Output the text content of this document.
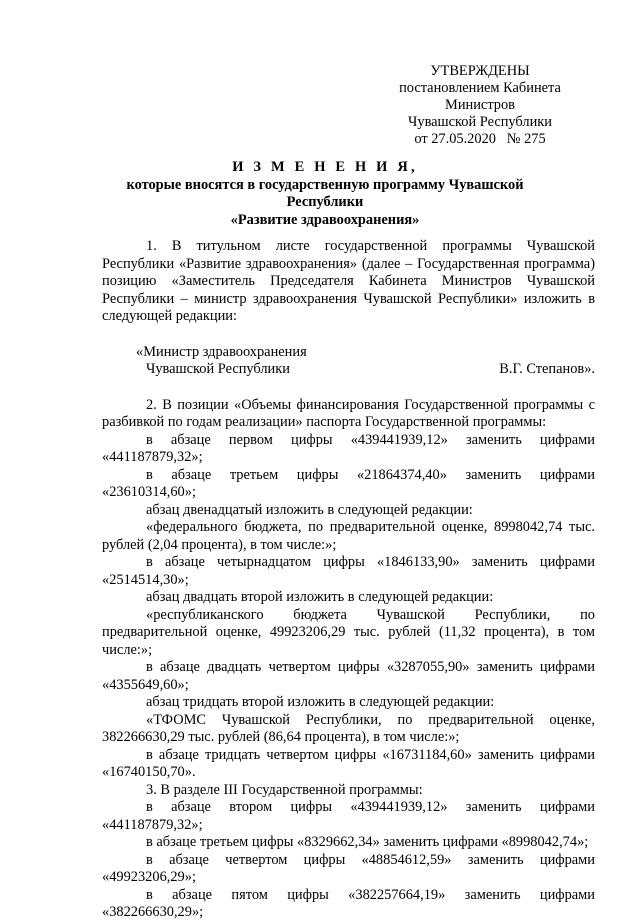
УТВЕРЖДЕНЫ
постановлением Кабинета Министров
Чувашской Республики
от 27.05.2020   № 275
И З М Е Н Е Н И Я,
которые вносятся в государственную программу Чувашской Республики
«Развитие здравоохранения»

1. В титульном листе государственной программы Чувашской Республики «Развитие здравоохранения» (далее – Государственная программа) позицию «Заместитель Председателя Кабинета Министров Чувашской Республики – министр здравоохранения Чувашской Республики» изложить в следующей редакции:

«Министр здравоохранения
Чувашской Республики	В.Г. Степанов».

2. В позиции «Объемы финансирования Государственной программы с разбивкой по годам реализации» паспорта Государственной программы:

в абзаце первом цифры «439441939,12» заменить цифрами «441187879,32»;

в абзаце третьем цифры «21864374,40» заменить цифрами «23610314,60»;

абзац двенадцатый изложить в следующей редакции:

«федерального бюджета, по предварительной оценке, 8998042,74 тыс. рублей (2,04 процента), в том числе:»;

в абзаце четырнадцатом цифры «1846133,90» заменить цифрами «2514514,30»;

абзац двадцать второй изложить в следующей редакции:

«республиканского бюджета Чувашской Республики, по предварительной оценке, 49923206,29 тыс. рублей (11,32 процента), в том числе:»;

в абзаце двадцать четвертом цифры «3287055,90» заменить цифрами «4355649,60»;

абзац тридцать второй изложить в следующей редакции:

«ТФОМС Чувашской Республики, по предварительной оценке, 382266630,29 тыс. рублей (86,64 процента), в том числе:»;

в абзаце тридцать четвертом цифры «16731184,60» заменить цифрами «16740150,70».

3. В разделе III Государственной программы:

в абзаце втором цифры «439441939,12» заменить цифрами «441187879,32»;

в абзаце третьем цифры «8329662,34» заменить цифрами «8998042,74»;

в абзаце четвертом цифры «48854612,59» заменить цифрами «49923206,29»;

в абзаце пятом цифры «382257664,19» заменить цифрами «382266630,29»;
